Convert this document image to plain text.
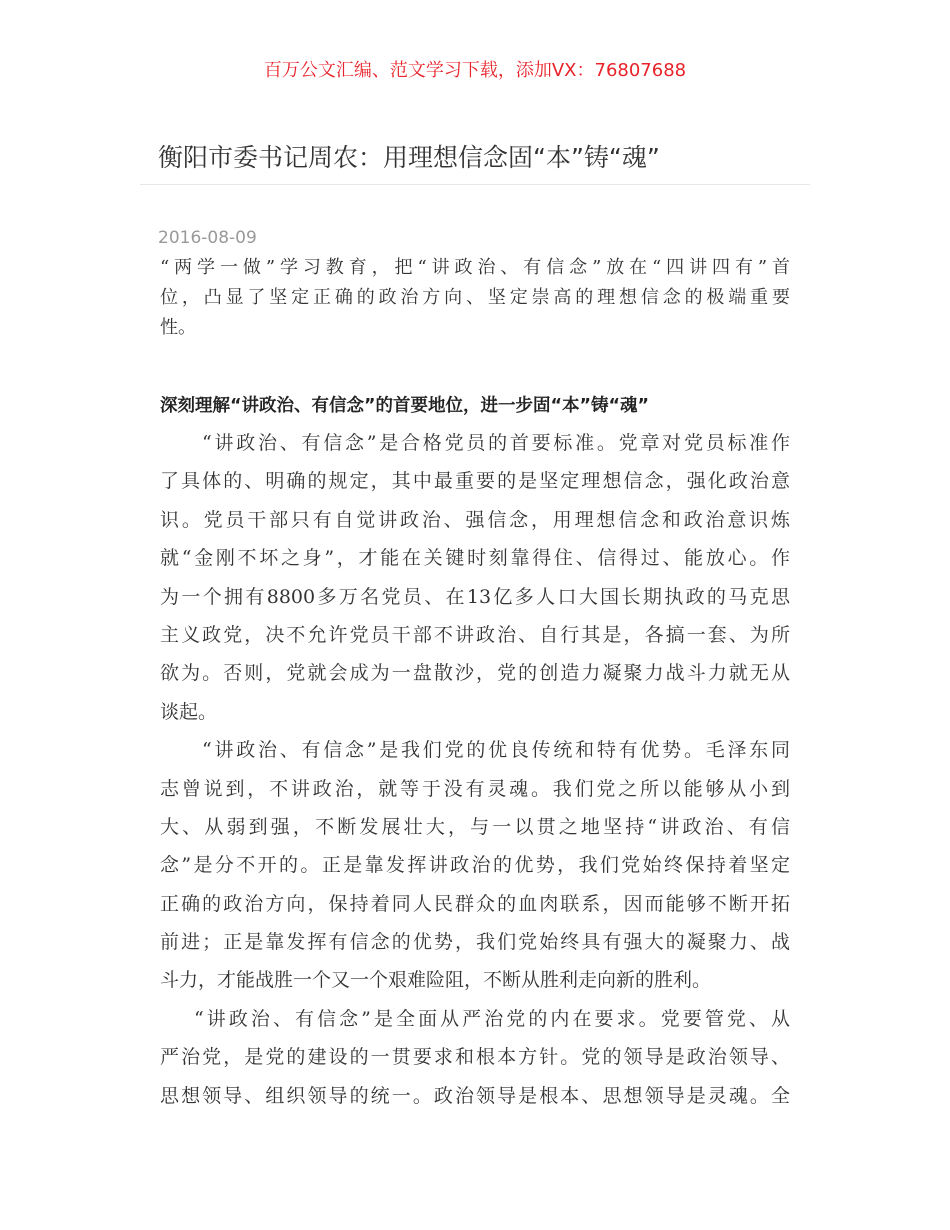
百万公文汇编、范文学习下载，添加VX：76807688
衡阳市委书记周农：用理想信念固“本”铸“魂”
2016-08-09
“两学一做”学习教育，把“讲政治、有信念”放在“四讲四有”首
位，凸显了坚定正确的政治方向、坚定崇高的理想信念的极端重要
性。
深刻理解“讲政治、有信念”的首要地位，进一步固“本”铸“魂”
“讲政治、有信念”是合格党员的首要标准。党章对党员标准作
了具体的、明确的规定，其中最重要的是坚定理想信念，强化政治意
识。党员干部只有自觉讲政治、强信念，用理想信念和政治意识炼
就“金刚不坏之身”，才能在关键时刻靠得住、信得过、能放心。作
为一个拥有8800多万名党员、在13亿多人口大国长期执政的马克思
主义政党，决不允许党员干部不讲政治、自行其是，各搞一套、为所
欲为。否则，党就会成为一盘散沙，党的创造力凝聚力战斗力就无从
谈起。
“讲政治、有信念”是我们党的优良传统和特有优势。毛泽东同
志曾说到，不讲政治，就等于没有灵魂。我们党之所以能够从小到
大、从弱到强，不断发展壮大，与一以贯之地坚持“讲政治、有信
念”是分不开的。正是靠发挥讲政治的优势，我们党始终保持着坚定
正确的政治方向，保持着同人民群众的血肉联系，因而能够不断开拓
前进；正是靠发挥有信念的优势，我们党始终具有强大的凝聚力、战
斗力，才能战胜一个又一个艰难险阻，不断从胜利走向新的胜利。
“讲政治、有信念”是全面从严治党的内在要求。党要管党、从
严治党，是党的建设的一贯要求和根本方针。党的领导是政治领导、
思想领导、组织领导的统一。政治领导是根本、思想领导是灵魂。全
